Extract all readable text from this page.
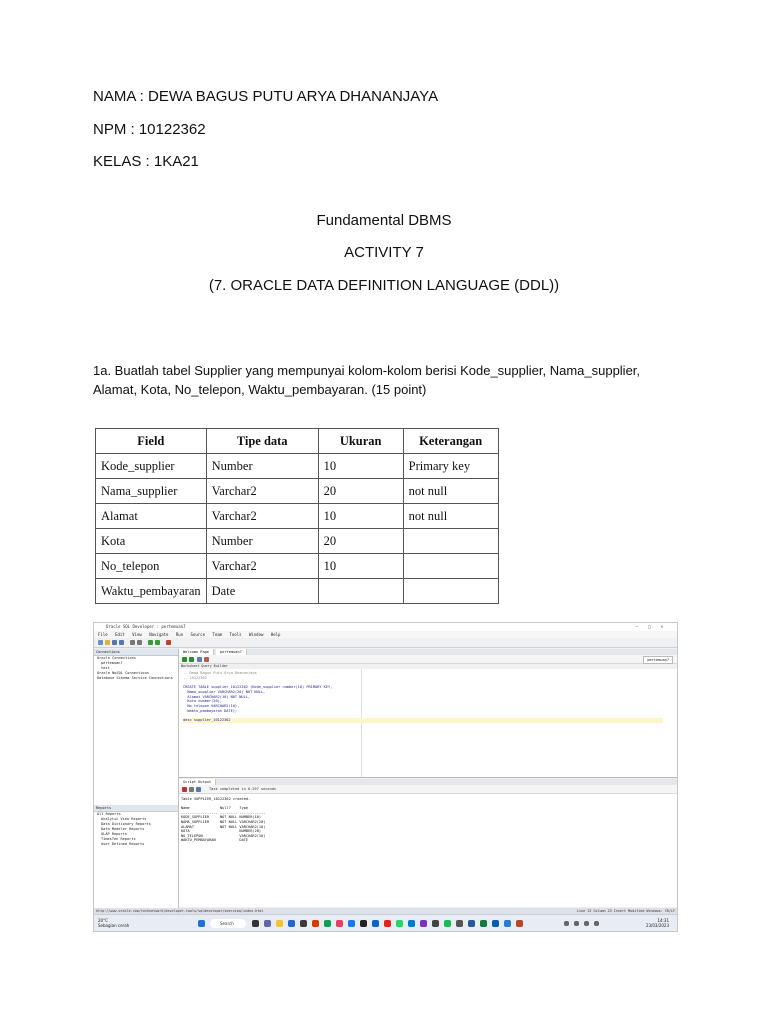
NAMA : DEWA BAGUS PUTU ARYA DHANANJAYA
NPM : 10122362
KELAS : 1KA21
Fundamental DBMS
ACTIVITY 7
(7. ORACLE DATA DEFINITION LANGUAGE (DDL))
1a. Buatlah tabel Supplier yang mempunyai kolom-kolom berisi Kode_supplier, Nama_supplier, Alamat, Kota, No_telepon, Waktu_pembayaran. (15 point)
Field	Tipe data	Ukuran	Keterangan
Kode_supplier	Number	10	Primary key
Nama_supplier	Varchar2	20	not null
Alamat	Varchar2	10	not null
Kota	Number	20	
No_telepon	Varchar2	10	
Waktu_pembayaran	Date		
Oracle SQL Developer : pertemuan7	–□×
File Edit View Navigate Run Source Team Tools Window Help
Connections
Oracle Connections
pertemuan7
test
Oracle NoSQL Connections
Database Schema Service Connections
Reports
All Reports
Analytic View Reports
Data Dictionary Reports
Data Modeler Reports
OLAP Reports
TimesTen Reports
User Defined Reports
Welcome Page	pertemuan7
pertemuan7
Worksheet Query Builder
-- Dewa Bagus Putu Arya Dhananjaya
-- 10122362

CREATE TABLE supplier_10122362 (Kode_supplier number(10) PRIMARY KEY,
Nama_supplier VARCHAR2(20) NOT NULL,
Alamat VARCHAR2(10) NOT NULL,
Kota number(20),
No_telepon VARCHAR2(10),
Waktu_pembayaran DATE);

desc supplier_10122362
Script Output
Task completed in 0.297 seconds
Table SUPPLIER_10122362 created.

Name              Null?    Type
----------------- -------- ------------
KODE_SUPPLIER     NOT NULL NUMBER(10)
NAMA_SUPPLIER     NOT NULL VARCHAR2(20)
ALAMAT            NOT NULL VARCHAR2(10)
KOTA                       NUMBER(20)
NO_TELEPON                 VARCHAR2(10)
WAKTU_PEMBAYARAN           DATE
http://www.oracle.com/technetwork/developer-tools/sqldeveloper/overview/index.html	Line 13 Column 23 Insert Modified Windows: CR/LF
20°C
Sebagian cerah	Search
14:31
23/03/2023
